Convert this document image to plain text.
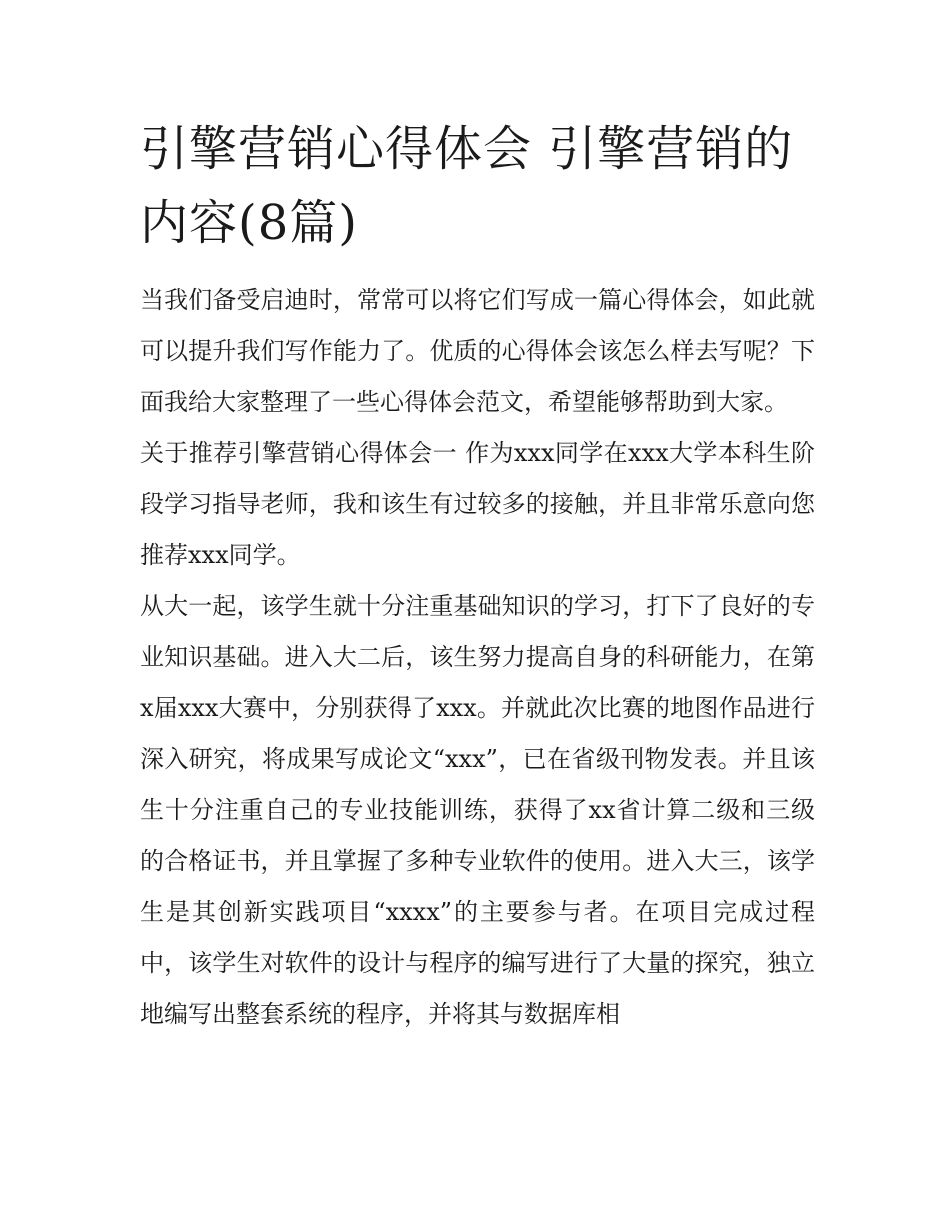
引擎营销心得体会 引擎营销的内容(8篇)

当我们备受启迪时，常常可以将它们写成一篇心得体会，如此就可以提升我们写作能力了。优质的心得体会该怎么样去写呢？下面我给大家整理了一些心得体会范文，希望能够帮助到大家。

关于推荐引擎营销心得体会一 作为xxx同学在xxx大学本科生阶段学习指导老师，我和该生有过较多的接触，并且非常乐意向您推荐xxx同学。

从大一起，该学生就十分注重基础知识的学习，打下了良好的专业知识基础。进入大二后，该生努力提高自身的科研能力，在第x届xxx大赛中，分别获得了xxx。并就此次比赛的地图作品进行深入研究，将成果写成论文“xxx”，已在省级刊物发表。并且该生十分注重自己的专业技能训练，获得了xx省计算二级和三级的合格证书，并且掌握了多种专业软件的使用。进入大三，该学生是其创新实践项目“xxxx”的主要参与者。在项目完成过程中，该学生对软件的设计与程序的编写进行了大量的探究，独立地编写出整套系统的程序，并将其与数据库相
